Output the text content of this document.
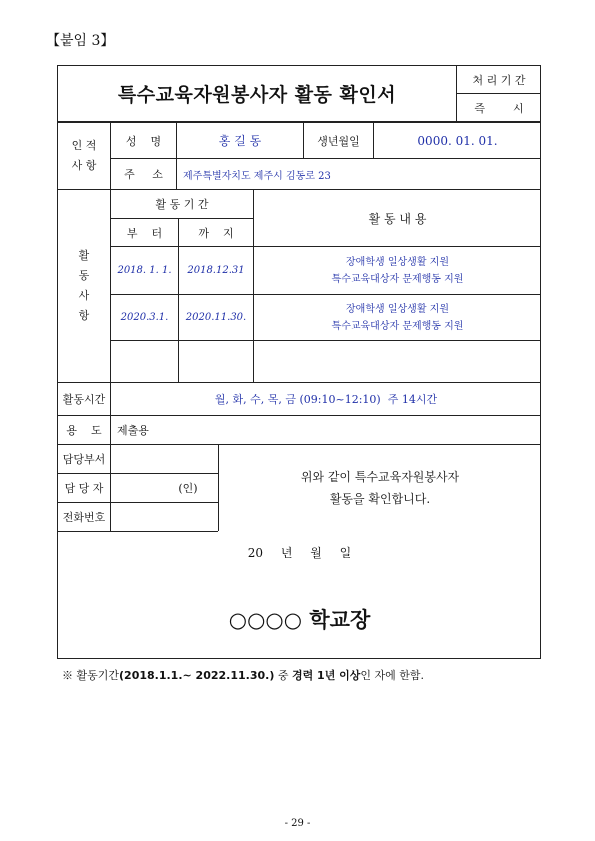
【붙임 3】
특수교육자원봉사자 활동 확인서
처 리 기 간
즉        시
인 적
사 항
성    명	홍 길 동	생년월일	0000. 01. 01.
주     소	제주특별자치도 제주시 김동로 23
활
동
사
항
활 동 기 간
부    터	까    지
활 동 내 용
2018. 1. 1.	2018.12.31
장애학생 일상생활 지원
특수교육대상자 문제행동 지원
2020.3.1.	2020.11.30.
장애학생 일상생활 지원
특수교육대상자 문제행동 지원
활동시간	월, 화, 수, 목, 금 (09:10~12:10)  주 14시간
용    도	제출용
담당부서
담 당 자	(인)
전화번호
위와 같이 특수교육자원봉사자
활동을 확인합니다.
20 년 월 일
○○○○ 학교장
※ 활동기간(2018.1.1.~ 2022.11.30.) 중 경력 1년 이상인 자에 한함.
- 29 -
